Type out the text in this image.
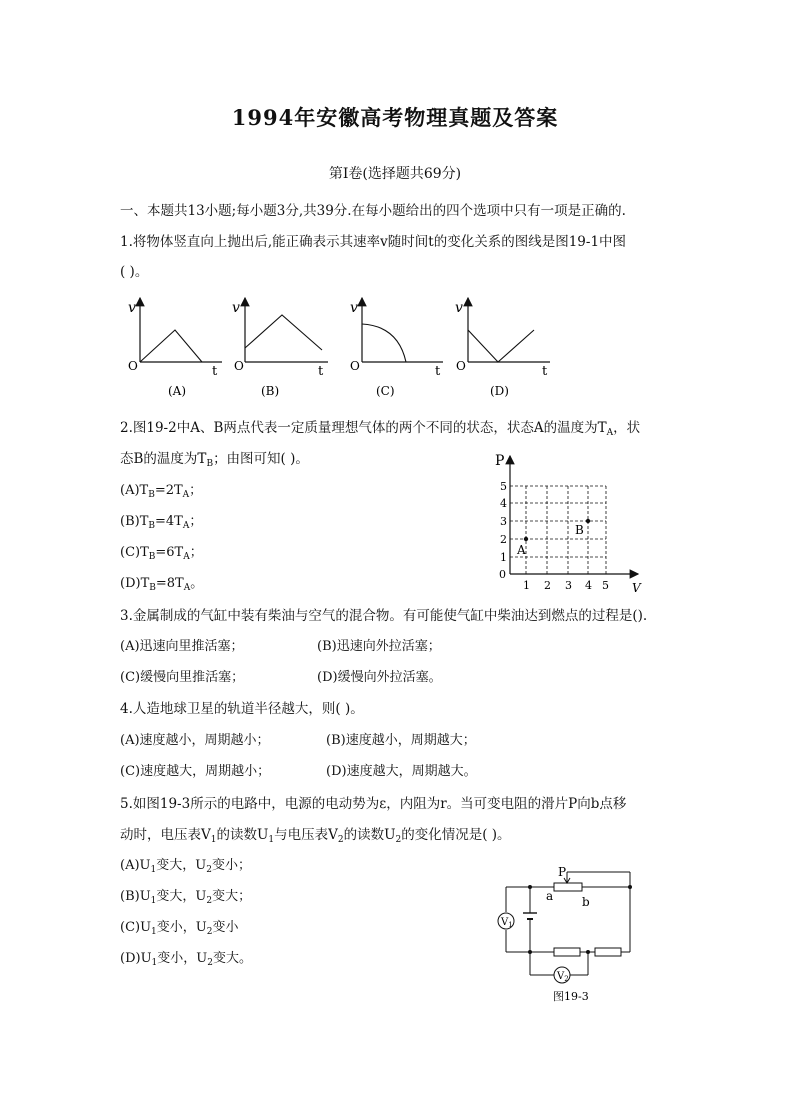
1994年安徽高考物理真题及答案
第Ⅰ卷(选择题共69分)
一、本题共13小题;每小题3分,共39分.在每小题给出的四个选项中只有一项是正确的.
1.将物体竖直向上抛出后,能正确表示其速率v随时间t的变化关系的图线是图19-1中图
( )。
v
O	t
(A)
v
O	t
(B)
v
O	t
(C)
v
O	t
(D)
2.图19-2中A、B两点代表一定质量理想气体的两个不同的状态，状态A的温度为$T_A$，状
态B的温度为$T_B$；由图可知( )。
$(A)T_B=2T_A$；
$(B)T_B=4T_A$；
$(C)T_B=6T_A$；
$(D)T_B=8T_A$。
P
V
0
1
2
3
4
5
1 2 3 4 5
A
B
3.金属制成的气缸中装有柴油与空气的混合物。有可能使气缸中柴油达到燃点的过程是().
(A)迅速向里推活塞；	(B)迅速向外拉活塞；
(C)缓慢向里推活塞；	(D)缓慢向外拉活塞。
4.人造地球卫星的轨道半径越大，则( )。
(A)速度越小，周期越小；	(B)速度越小，周期越大；
(C)速度越大，周期越小；	(D)速度越大，周期越大。
5.如图19-3所示的电路中，电源的电动势为ε，内阻为r。当可变电阻的滑片P向b点移
动时，电压表$V_1$的读数$U_1$与电压表$V_2$的读数$U_2$的变化情况是( )。
$(A)U_1$变大，$U_2$变小；
$(B)U_1$变大，$U_2$变大；
$(C)U_1$变小，$U_2$变小
$(D)U_1$变小，$U_2$变大。
P
a b
$V_1$
$V_2$
图19-3
